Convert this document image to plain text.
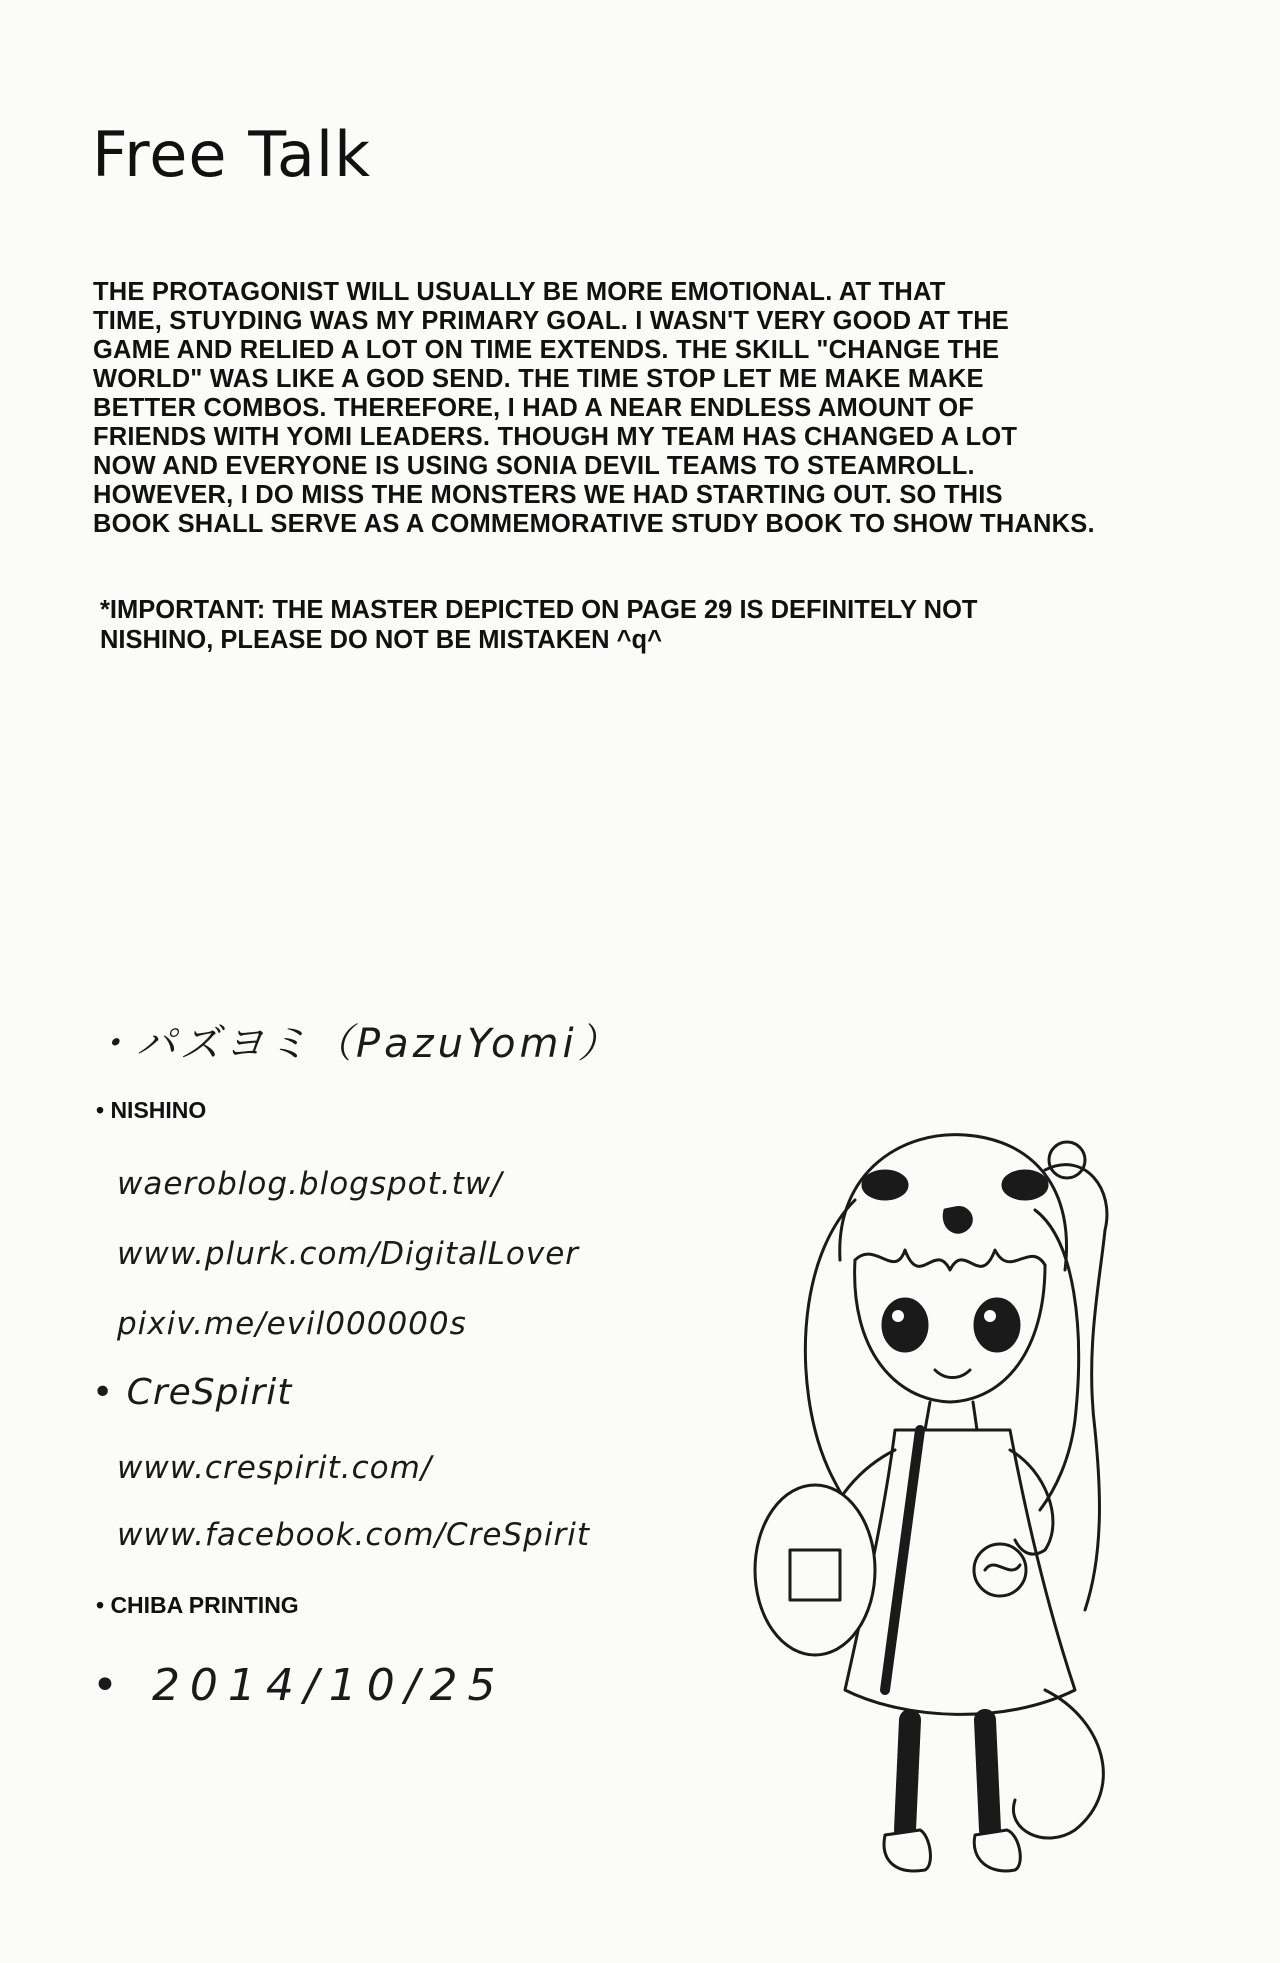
Free Talk
THE PROTAGONIST WILL USUALLY BE MORE EMOTIONAL. AT THAT
TIME, STUYDING WAS MY PRIMARY GOAL. I WASN'T VERY GOOD AT THE
GAME AND RELIED A LOT ON TIME EXTENDS. THE SKILL "CHANGE THE
WORLD" WAS LIKE A GOD SEND. THE TIME STOP LET ME MAKE MAKE
BETTER COMBOS. THEREFORE, I HAD A NEAR ENDLESS AMOUNT OF
FRIENDS WITH YOMI LEADERS. THOUGH MY TEAM HAS CHANGED A LOT
NOW AND EVERYONE IS USING SONIA DEVIL TEAMS TO STEAMROLL.
HOWEVER, I DO MISS THE MONSTERS WE HAD STARTING OUT. SO THIS
BOOK SHALL SERVE AS A COMMEMORATIVE STUDY BOOK TO SHOW THANKS.
*IMPORTANT: THE MASTER DEPICTED ON PAGE 29 IS DEFINITELY NOT
NISHINO, PLEASE DO NOT BE MISTAKEN ^q^
・パズヨミ（PazuYomi）
• NISHINO
waeroblog.blogspot.tw/
www.plurk.com/DigitalLover
pixiv.me/evil000000s
• CreSpirit
www.crespirit.com/
www.facebook.com/CreSpirit
• CHIBA PRINTING
• 2014/10/25
